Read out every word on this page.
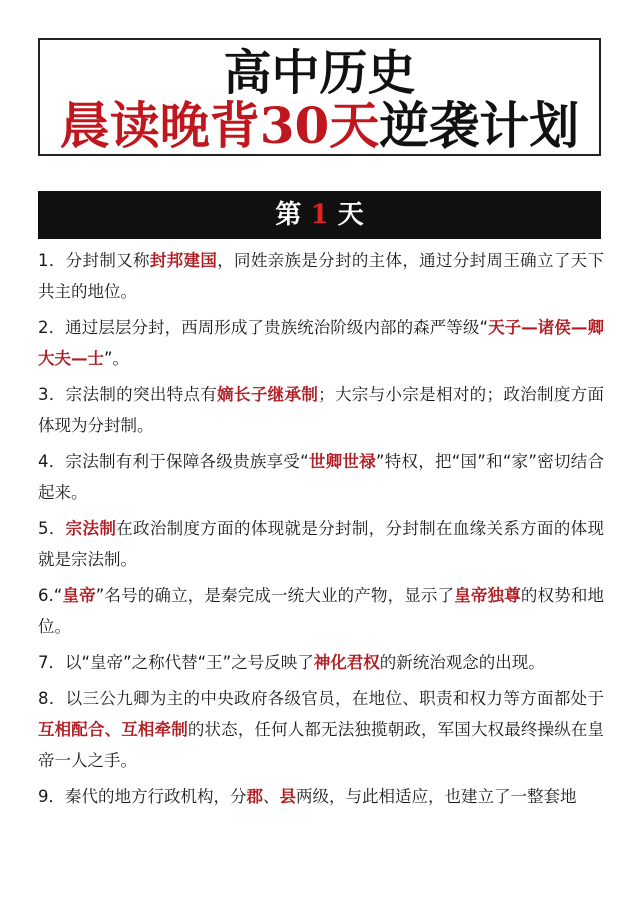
高中历史
晨读晚背30天逆袭计划
第 1 天
1．分封制又称封邦建国，同姓亲族是分封的主体，通过分封周王确立了天下共主的地位。
2．通过层层分封，西周形成了贵族统治阶级内部的森严等级“天子—诸侯—卿大夫—士”。
3．宗法制的突出特点有嫡长子继承制；大宗与小宗是相对的；政治制度方面体现为分封制。
4．宗法制有利于保障各级贵族享受“世卿世禄”特权，把“国”和“家”密切结合起来。
5．宗法制在政治制度方面的体现就是分封制，分封制在血缘关系方面的体现就是宗法制。
6.“皇帝”名号的确立，是秦完成一统大业的产物，显示了皇帝独尊的权势和地位。
7．以“皇帝”之称代替“王”之号反映了神化君权的新统治观念的出现。
8．以三公九卿为主的中央政府各级官员，在地位、职责和权力等方面都处于互相配合、互相牵制的状态，任何人都无法独揽朝政，军国大权最终操纵在皇帝一人之手。
9．秦代的地方行政机构，分郡、县两级，与此相适应，也建立了一整套地
